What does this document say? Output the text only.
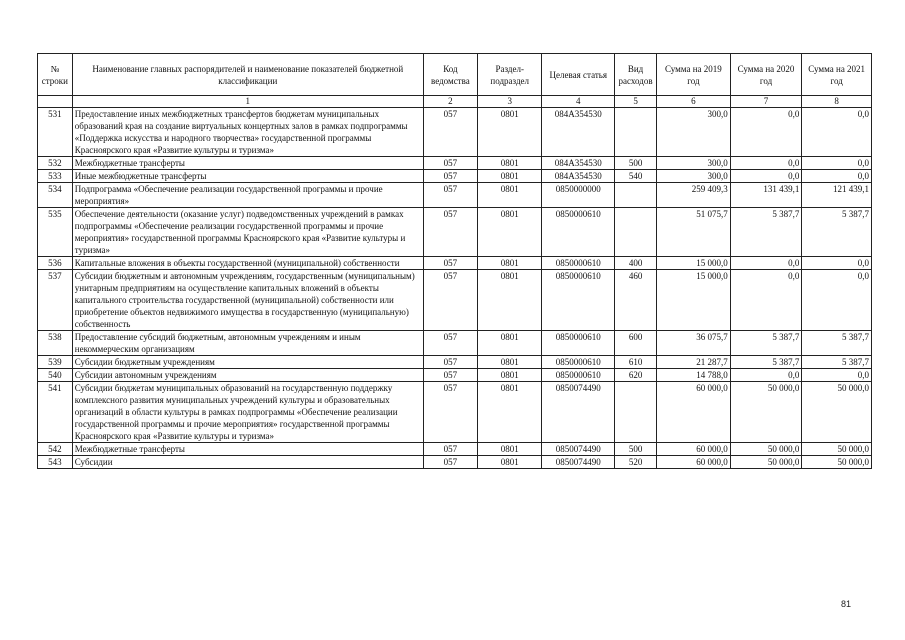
№ строки	Наименование главных распорядителей и наименование показателей бюджетной классификации	Код ведомства	Раздел-подраздел	Целевая статья	Вид расходов	Сумма на 2019 год	Сумма на 2020 год	Сумма на 2021 год
	1	2	3	4	5	6	7	8
531	Предоставление иных межбюджетных трансфертов бюджетам муниципальных образований края на создание виртуальных концертных залов в рамках подпрограммы «Поддержка искусства и народного творчества» государственной программы Красноярского края «Развитие культуры и туризма»	057	0801	084А354530		300,0	0,0	0,0
532	Межбюджетные трансферты	057	0801	084А354530	500	300,0	0,0	0,0
533	Иные межбюджетные трансферты	057	0801	084А354530	540	300,0	0,0	0,0
534	Подпрограмма «Обеспечение реализации государственной программы и прочие мероприятия»	057	0801	0850000000		259 409,3	131 439,1	121 439,1
535	Обеспечение деятельности (оказание услуг) подведомственных учреждений в рамках подпрограммы «Обеспечение реализации государственной программы и прочие мероприятия» государственной программы Красноярского края «Развитие культуры и туризма»	057	0801	0850000610		51 075,7	5 387,7	5 387,7
536	Капитальные вложения в объекты государственной (муниципальной) собственности	057	0801	0850000610	400	15 000,0	0,0	0,0
537	Субсидии бюджетным и автономным учреждениям, государственным (муниципальным) унитарным предприятиям на осуществление капитальных вложений в объекты капитального строительства государственной (муниципальной) собственности или приобретение объектов недвижимого имущества в государственную (муниципальную) собственность	057	0801	0850000610	460	15 000,0	0,0	0,0
538	Предоставление субсидий бюджетным, автономным учреждениям и иным некоммерческим организациям	057	0801	0850000610	600	36 075,7	5 387,7	5 387,7
539	Субсидии бюджетным учреждениям	057	0801	0850000610	610	21 287,7	5 387,7	5 387,7
540	Субсидии автономным учреждениям	057	0801	0850000610	620	14 788,0	0,0	0,0
541	Субсидии бюджетам муниципальных образований на государственную поддержку комплексного развития муниципальных учреждений культуры и образовательных организаций в области культуры в рамках подпрограммы «Обеспечение реализации государственной программы и прочие мероприятия» государственной программы Красноярского края «Развитие культуры и туризма»	057	0801	0850074490		60 000,0	50 000,0	50 000,0
542	Межбюджетные трансферты	057	0801	0850074490	500	60 000,0	50 000,0	50 000,0
543	Субсидии	057	0801	0850074490	520	60 000,0	50 000,0	50 000,0
81
